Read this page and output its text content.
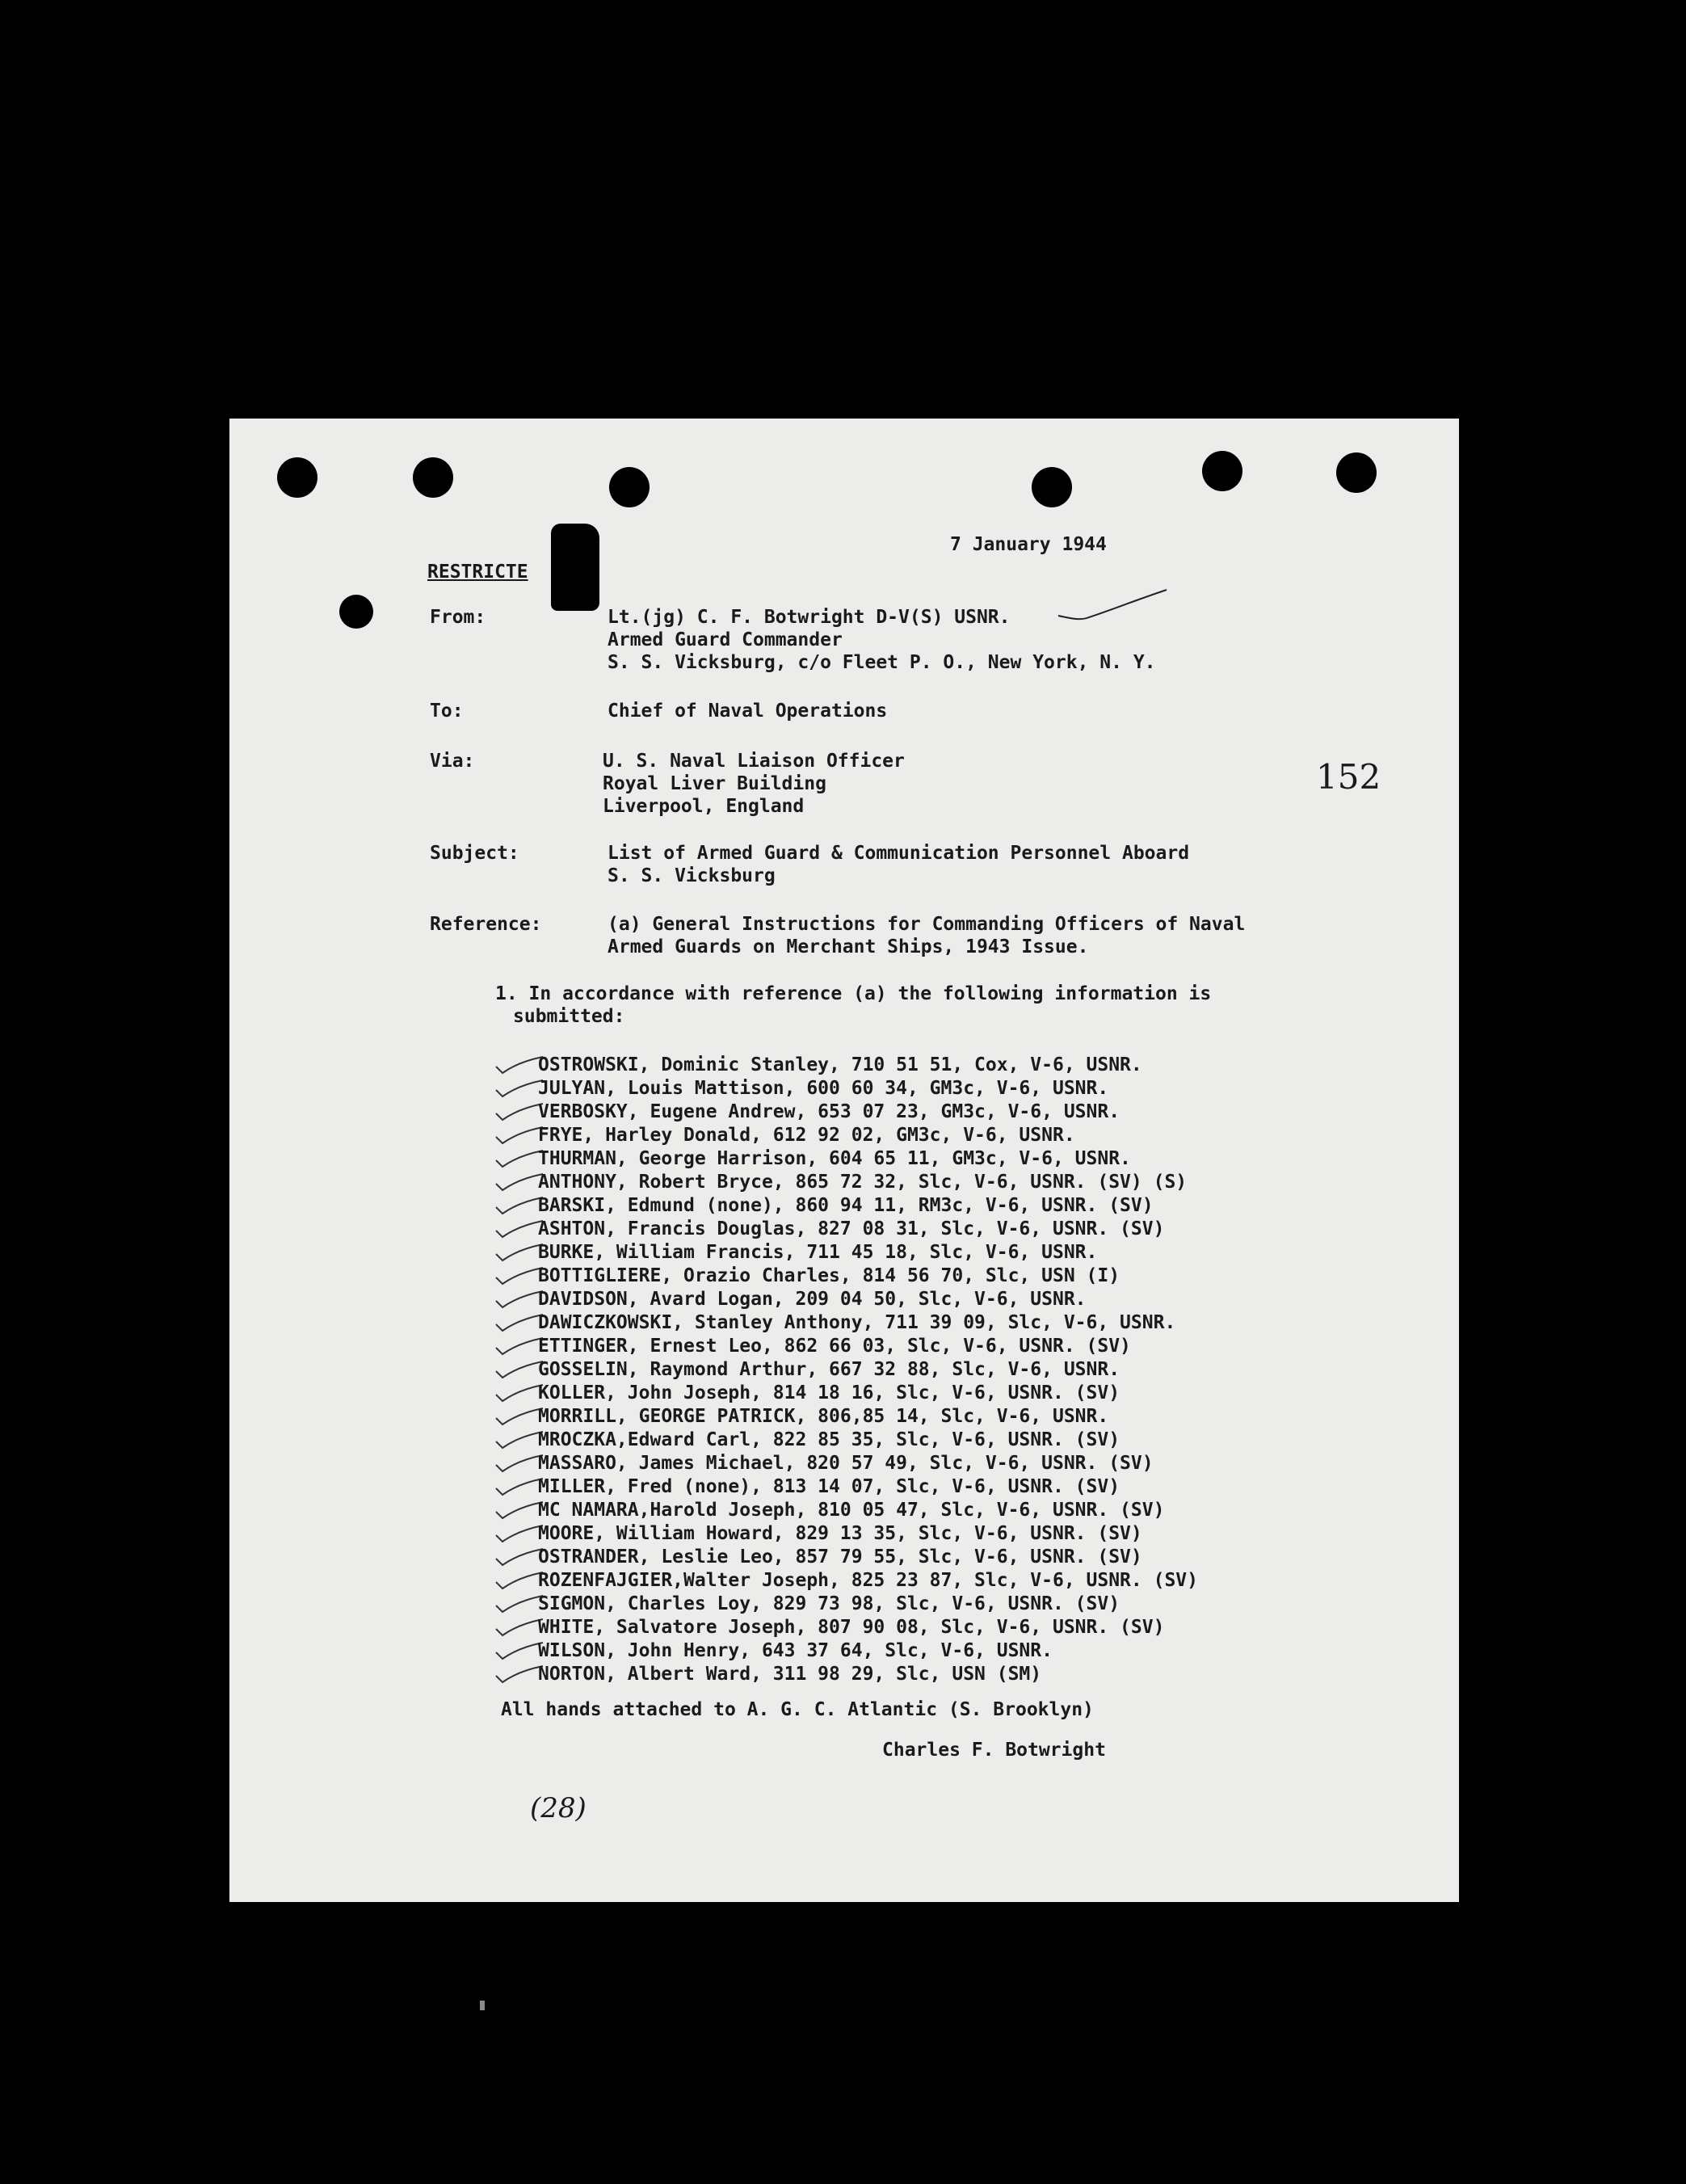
7 January 1944
RESTRICTE
152
From:	Lt.(jg) C. F. Botwright D-V(S) USNR.
Armed Guard Commander
S. S. Vicksburg, c/o Fleet P. O., New York, N. Y.
To:	Chief of Naval Operations
Via:	U. S. Naval Liaison Officer
Royal Liver Building
Liverpool, England
Subject:	List of Armed Guard & Communication Personnel Aboard
S. S. Vicksburg
Reference:	(a) General Instructions for Commanding Officers of Naval
Armed Guards on Merchant Ships, 1943 Issue.
1. In accordance with reference (a) the following information is
submitted:
OSTROWSKI, Dominic Stanley, 710 51 51, Cox, V-6, USNR.
JULYAN, Louis Mattison, 600 60 34, GM3c, V-6, USNR.
VERBOSKY, Eugene Andrew, 653 07 23, GM3c, V-6, USNR.
FRYE, Harley Donald, 612 92 02, GM3c, V-6, USNR.
THURMAN, George Harrison, 604 65 11, GM3c, V-6, USNR.
ANTHONY, Robert Bryce, 865 72 32, Slc, V-6, USNR. (SV) (S)
BARSKI, Edmund (none), 860 94 11, RM3c, V-6, USNR. (SV)
ASHTON, Francis Douglas, 827 08 31, Slc, V-6, USNR. (SV)
BURKE, William Francis, 711 45 18, Slc, V-6, USNR.
BOTTIGLIERE, Orazio Charles, 814 56 70, Slc, USN (I)
DAVIDSON, Avard Logan, 209 04 50, Slc, V-6, USNR.
DAWICZKOWSKI, Stanley Anthony, 711 39 09, Slc, V-6, USNR.
ETTINGER, Ernest Leo, 862 66 03, Slc, V-6, USNR. (SV)
GOSSELIN, Raymond Arthur, 667 32 88, Slc, V-6, USNR.
KOLLER, John Joseph, 814 18 16, Slc, V-6, USNR. (SV)
MORRILL, GEORGE PATRICK, 806,85 14, Slc, V-6, USNR.
MROCZKA,Edward Carl, 822 85 35, Slc, V-6, USNR. (SV)
MASSARO, James Michael, 820 57 49, Slc, V-6, USNR. (SV)
MILLER, Fred (none), 813 14 07, Slc, V-6, USNR. (SV)
MC NAMARA,Harold Joseph, 810 05 47, Slc, V-6, USNR. (SV)
MOORE, William Howard, 829 13 35, Slc, V-6, USNR. (SV)
OSTRANDER, Leslie Leo, 857 79 55, Slc, V-6, USNR. (SV)
ROZENFAJGIER,Walter Joseph, 825 23 87, Slc, V-6, USNR. (SV)
SIGMON, Charles Loy, 829 73 98, Slc, V-6, USNR. (SV)
WHITE, Salvatore Joseph, 807 90 08, Slc, V-6, USNR. (SV)
WILSON, John Henry, 643 37 64, Slc, V-6, USNR.
NORTON, Albert Ward, 311 98 29, Slc, USN (SM)
All hands attached to A. G. C. Atlantic (S. Brooklyn)
Charles F. Botwright
(28)
